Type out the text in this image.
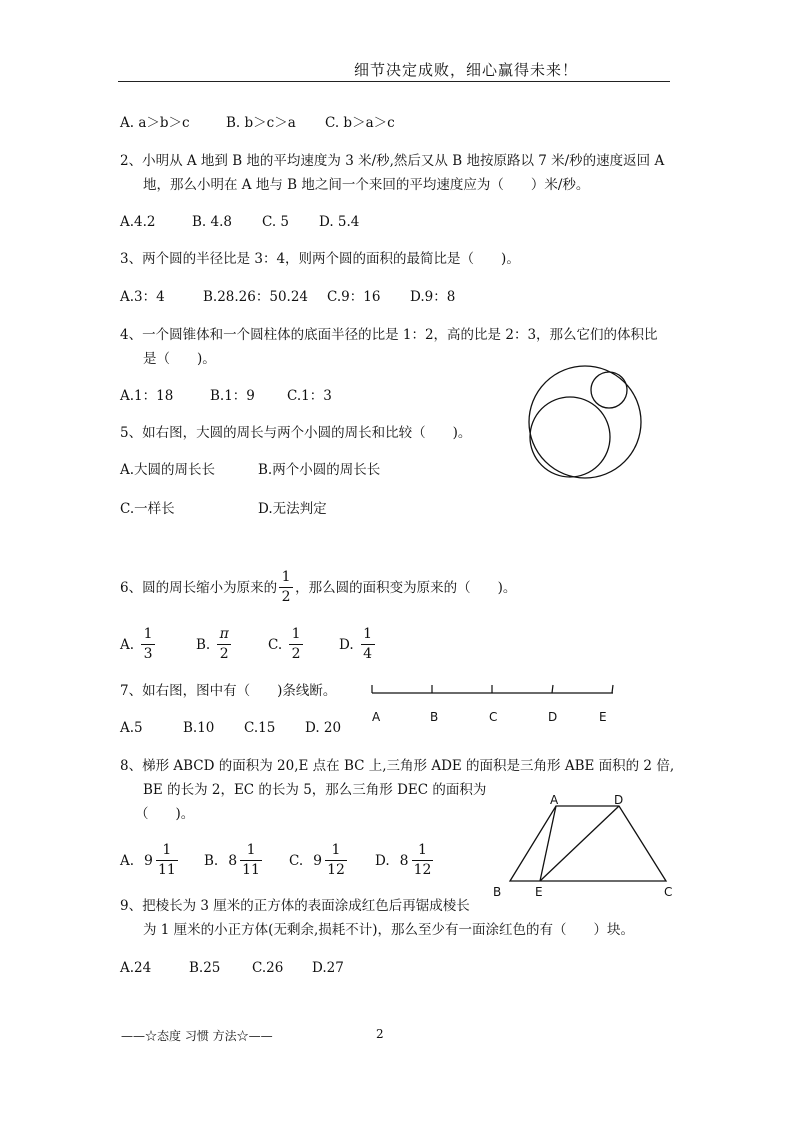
细节决定成败，细心赢得未来！
A. a＞b＞c	B. b＞c＞a C. b＞a＞c
2、小明从 A 地到 B 地的平均速度为 3 米/秒,然后又从 B 地按原路以 7 米/秒的速度返回 A
地，那么小明在 A 地与 B 地之间一个来回的平均速度应为（　　）米/秒。
A.4.2	B. 4.8 C. 5 D. 5.4
3、两个圆的半径比是 3：4，则两个圆的面积的最简比是（　　)。
A.3：4	B.28.26：50.24 C.9：16 D.9：8
4、一个圆锥体和一个圆柱体的底面半径的比是 1：2，高的比是 2：3，那么它们的体积比
是（　　)。
A.1：18	B.1：9 C.1：3
5、如右图，大圆的周长与两个小圆的周长和比较（　　)。
A.大圆的周长长	B.两个小圆的周长长
C.一样长	D.无法判定
6、圆的周长缩小为原来的 $\frac{1}{2}$ ，那么圆的面积变为原来的（　　)。
A. $\frac{1}{3}$	B. $\frac{\pi}{2}$	C. $\frac{1}{2}$	D. $\frac{1}{4}$
7、如右图，图中有（　　)条线断。
A	B	C	D	E
A.5	B.10 C.15 D. 20
8、梯形 ABCD 的面积为 20,E 点在 BC 上,三角形 ADE 的面积是三角形 ABE 面积的 2 倍,
BE 的长为 2，EC 的长为 5，那么三角形 DEC 的面积为
（　　)。
A	D
B	E	C
A. $9 \frac{1}{11} B$. $8 \frac{1}{11} C$. $9 \frac{1}{12} D$. $8 \frac{1}{12}$
9、把棱长为 3 厘米的正方体的表面涂成红色后再锯成棱长
为 1 厘米的小正方体(无剩余,损耗不计)，那么至少有一面涂红色的有（　　）块。
A.24	B.25 C.26 D.27
——☆态度 习惯 方法☆——	2
